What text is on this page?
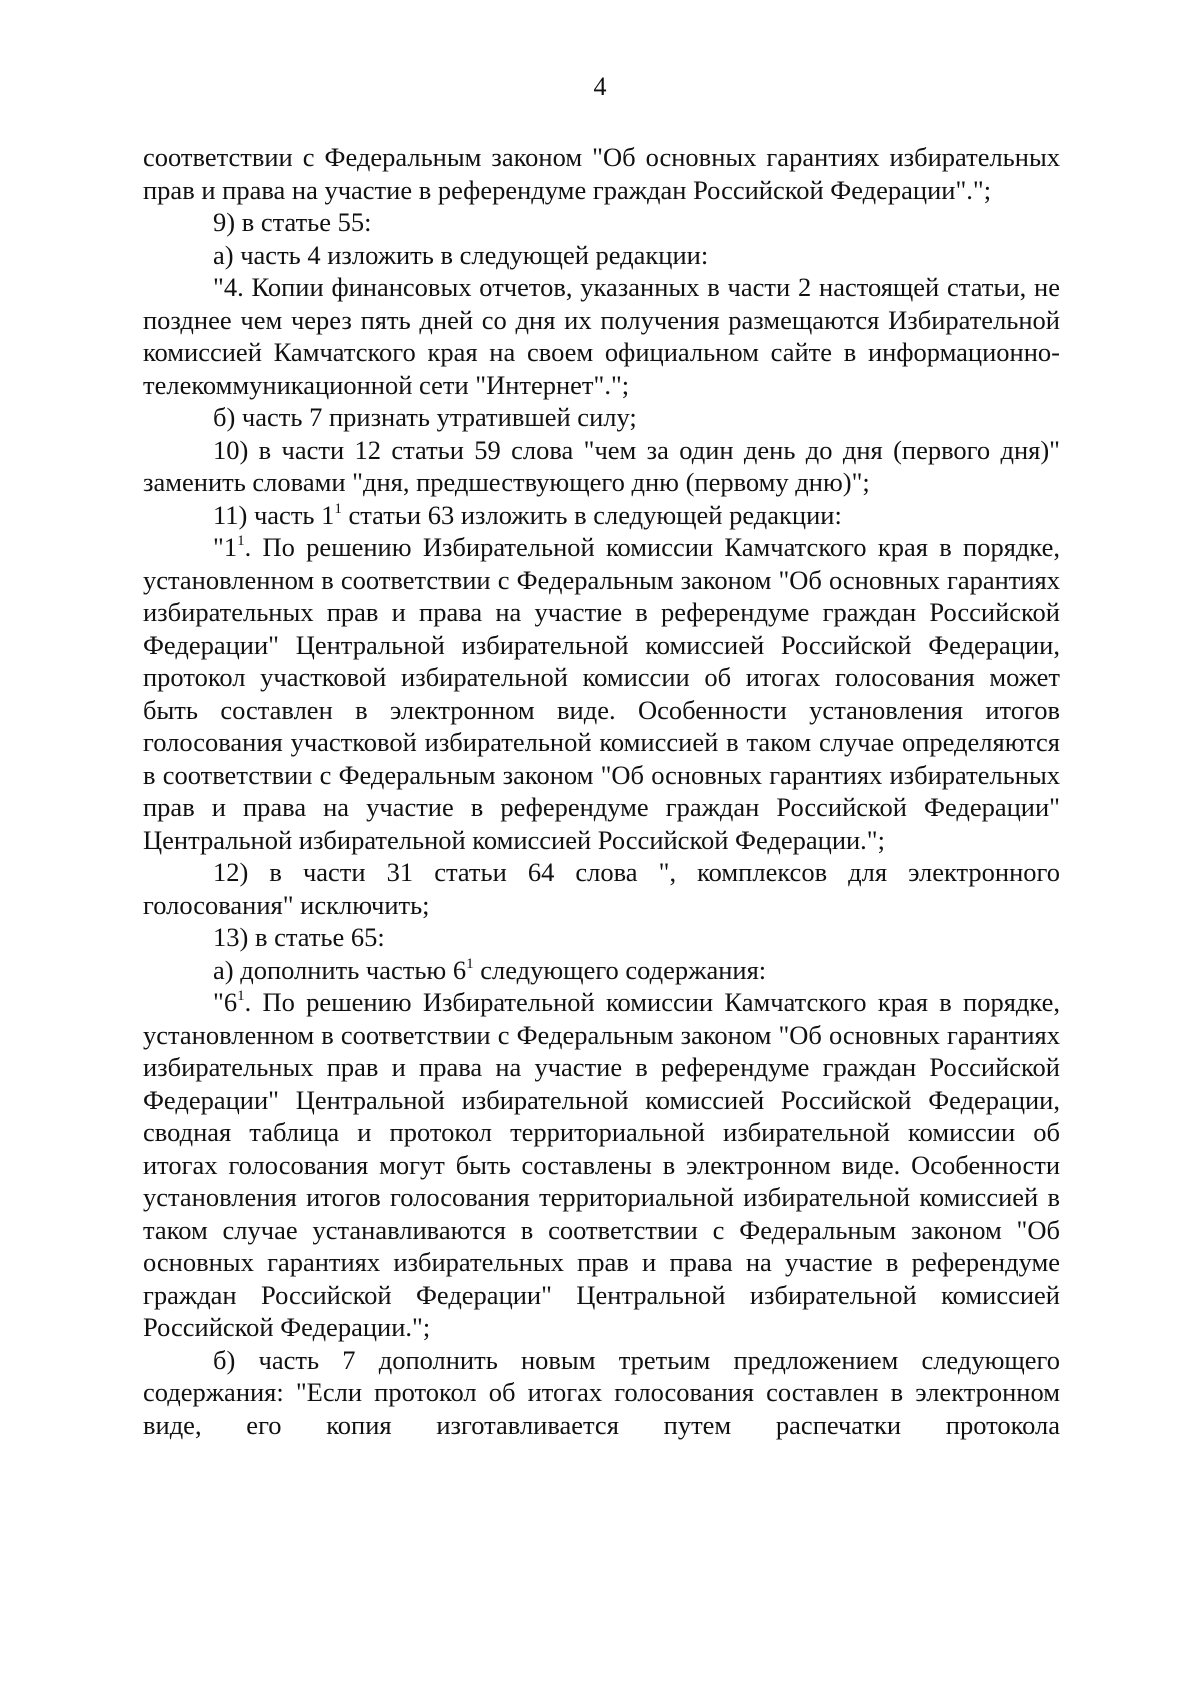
4

соответствии с Федеральным законом "Об основных гарантиях избирательных прав и права на участие в референдуме граждан Российской Федерации".";

9) в статье 55:

а) часть 4 изложить в следующей редакции:

"4. Копии финансовых отчетов, указанных в части 2 настоящей статьи, не позднее чем через пять дней со дня их получения размещаются Избирательной комиссией Камчатского края на своем официальном сайте в информационно-телекоммуникационной сети "Интернет".";

б) часть 7 признать утратившей силу;

10) в части 12 статьи 59 слова "чем за один день до дня (первого дня)" заменить словами "дня, предшествующего дню (первому дню)";

11) часть $1^1$ статьи 63 изложить в следующей редакции:

"$1^1$. По решению Избирательной комиссии Камчатского края в порядке, установленном в соответствии с Федеральным законом "Об основных гарантиях избирательных прав и права на участие в референдуме граждан Российской Федерации" Центральной избирательной комиссией Российской Федерации, протокол участковой избирательной комиссии об итогах голосования может быть составлен в электронном виде. Особенности установления итогов голосования участковой избирательной комиссией в таком случае определяются в соответствии с Федеральным законом "Об основных гарантиях избирательных прав и права на участие в референдуме граждан Российской Федерации" Центральной избирательной комиссией Российской Федерации.";

12) в части 31 статьи 64 слова ", комплексов для электронного голосования" исключить;

13) в статье 65:

а) дополнить частью $6^1$ следующего содержания:

"$6^1$. По решению Избирательной комиссии Камчатского края в порядке, установленном в соответствии с Федеральным законом "Об основных гарантиях избирательных прав и права на участие в референдуме граждан Российской Федерации" Центральной избирательной комиссией Российской Федерации, сводная таблица и протокол территориальной избирательной комиссии об итогах голосования могут быть составлены в электронном виде. Особенности установления итогов голосования территориальной избирательной комиссией в таком случае устанавливаются в соответствии с Федеральным законом "Об основных гарантиях избирательных прав и права на участие в референдуме граждан Российской Федерации" Центральной избирательной комиссией Российской Федерации.";

б) часть 7 дополнить новым третьим предложением следующего содержания: "Если протокол об итогах голосования составлен в электронном виде, его копия изготавливается путем распечатки протокола
